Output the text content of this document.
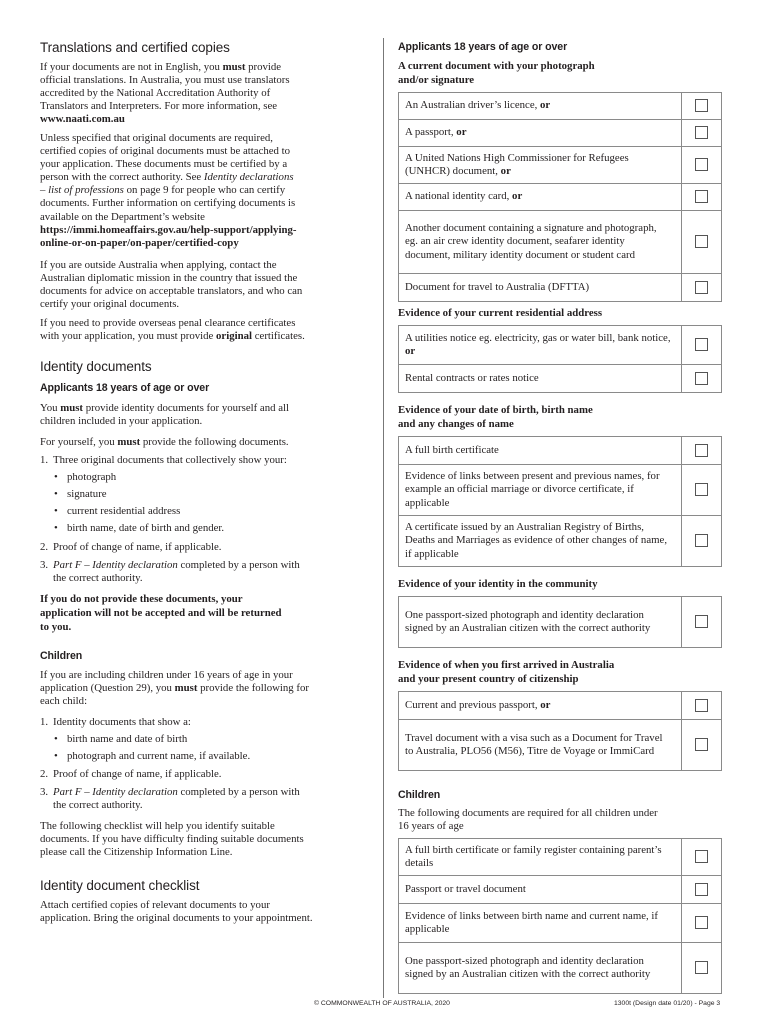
Translations and certified copies
If your documents are not in English, you must provide
official translations. In Australia, you must use translators
accredited by the National Accreditation Authority of
Translators and Interpreters. For more information, see
www.naati.com.au
Unless specified that original documents are required,
certified copies of original documents must be attached to
your application. These documents must be certified by a
person with the correct authority. See Identity declarations
– list of professions on page 9 for people who can certify
documents. Further information on certifying documents is
available on the Department’s website
https://immi.homeaffairs.gov.au/help-support/applying-
online-or-on-paper/on-paper/certified-copy
If you are outside Australia when applying, contact the
Australian diplomatic mission in the country that issued the
documents for advice on acceptable translators, and who can
certify your original documents.
If you need to provide overseas penal clearance certificates
with your application, you must provide original certificates.
Identity documents
Applicants 18 years of age or over
You must provide identity documents for yourself and all
children included in your application.
For yourself, you must provide the following documents.
1. Three original documents that collectively show your:
• photograph
• signature
• current residential address
• birth name, date of birth and gender.
2. Proof of change of name, if applicable.
3. Part F – Identity declaration completed by a person with
the correct authority.
If you do not provide these documents, your
application will not be accepted and will be returned
to you.
Children
If you are including children under 16 years of age in your
application (Question 29), you must provide the following for
each child:
1. Identity documents that show a:
• birth name and date of birth
• photograph and current name, if available.
2. Proof of change of name, if applicable.
3. Part F – Identity declaration completed by a person with
the correct authority.
The following checklist will help you identify suitable
documents. If you have difficulty finding suitable documents
please call the Citizenship Information Line.
Identity document checklist
Attach certified copies of relevant documents to your
application. Bring the original documents to your appointment.
Applicants 18 years of age or over
A current document with your photograph
and/or signature
An Australian driver’s licence, or
A passport, or
A United Nations High Commissioner for Refugees (UNHCR) document, or
A national identity card, or
Another document containing a signature and photograph, eg. an air crew identity document, seafarer identity document, military identity document or student card
Document for travel to Australia (DFTTA)
Evidence of your current residential address
A utilities notice eg. electricity, gas or water bill, bank notice, or
Rental contracts or rates notice
Evidence of your date of birth, birth name
and any changes of name
A full birth certificate
Evidence of links between present and previous names, for example an official marriage or divorce certificate, if applicable
A certificate issued by an Australian Registry of Births, Deaths and Marriages as evidence of other changes of name, if applicable
Evidence of your identity in the community
One passport-sized photograph and identity declaration signed by an Australian citizen with the correct authority
Evidence of when you first arrived in Australia
and your present country of citizenship
Current and previous passport, or
Travel document with a visa such as a Document for Travel to Australia, PLO56 (M56), Titre de Voyage or ImmiCard
Children
The following documents are required for all children under
16 years of age
A full birth certificate or family register containing parent’s details
Passport or travel document
Evidence of links between birth name and current name, if applicable
One passport-sized photograph and identity declaration signed by an Australian citizen with the correct authority
© COMMONWEALTH OF AUSTRALIA, 2020	1300t (Design date 01/20) - Page 3
